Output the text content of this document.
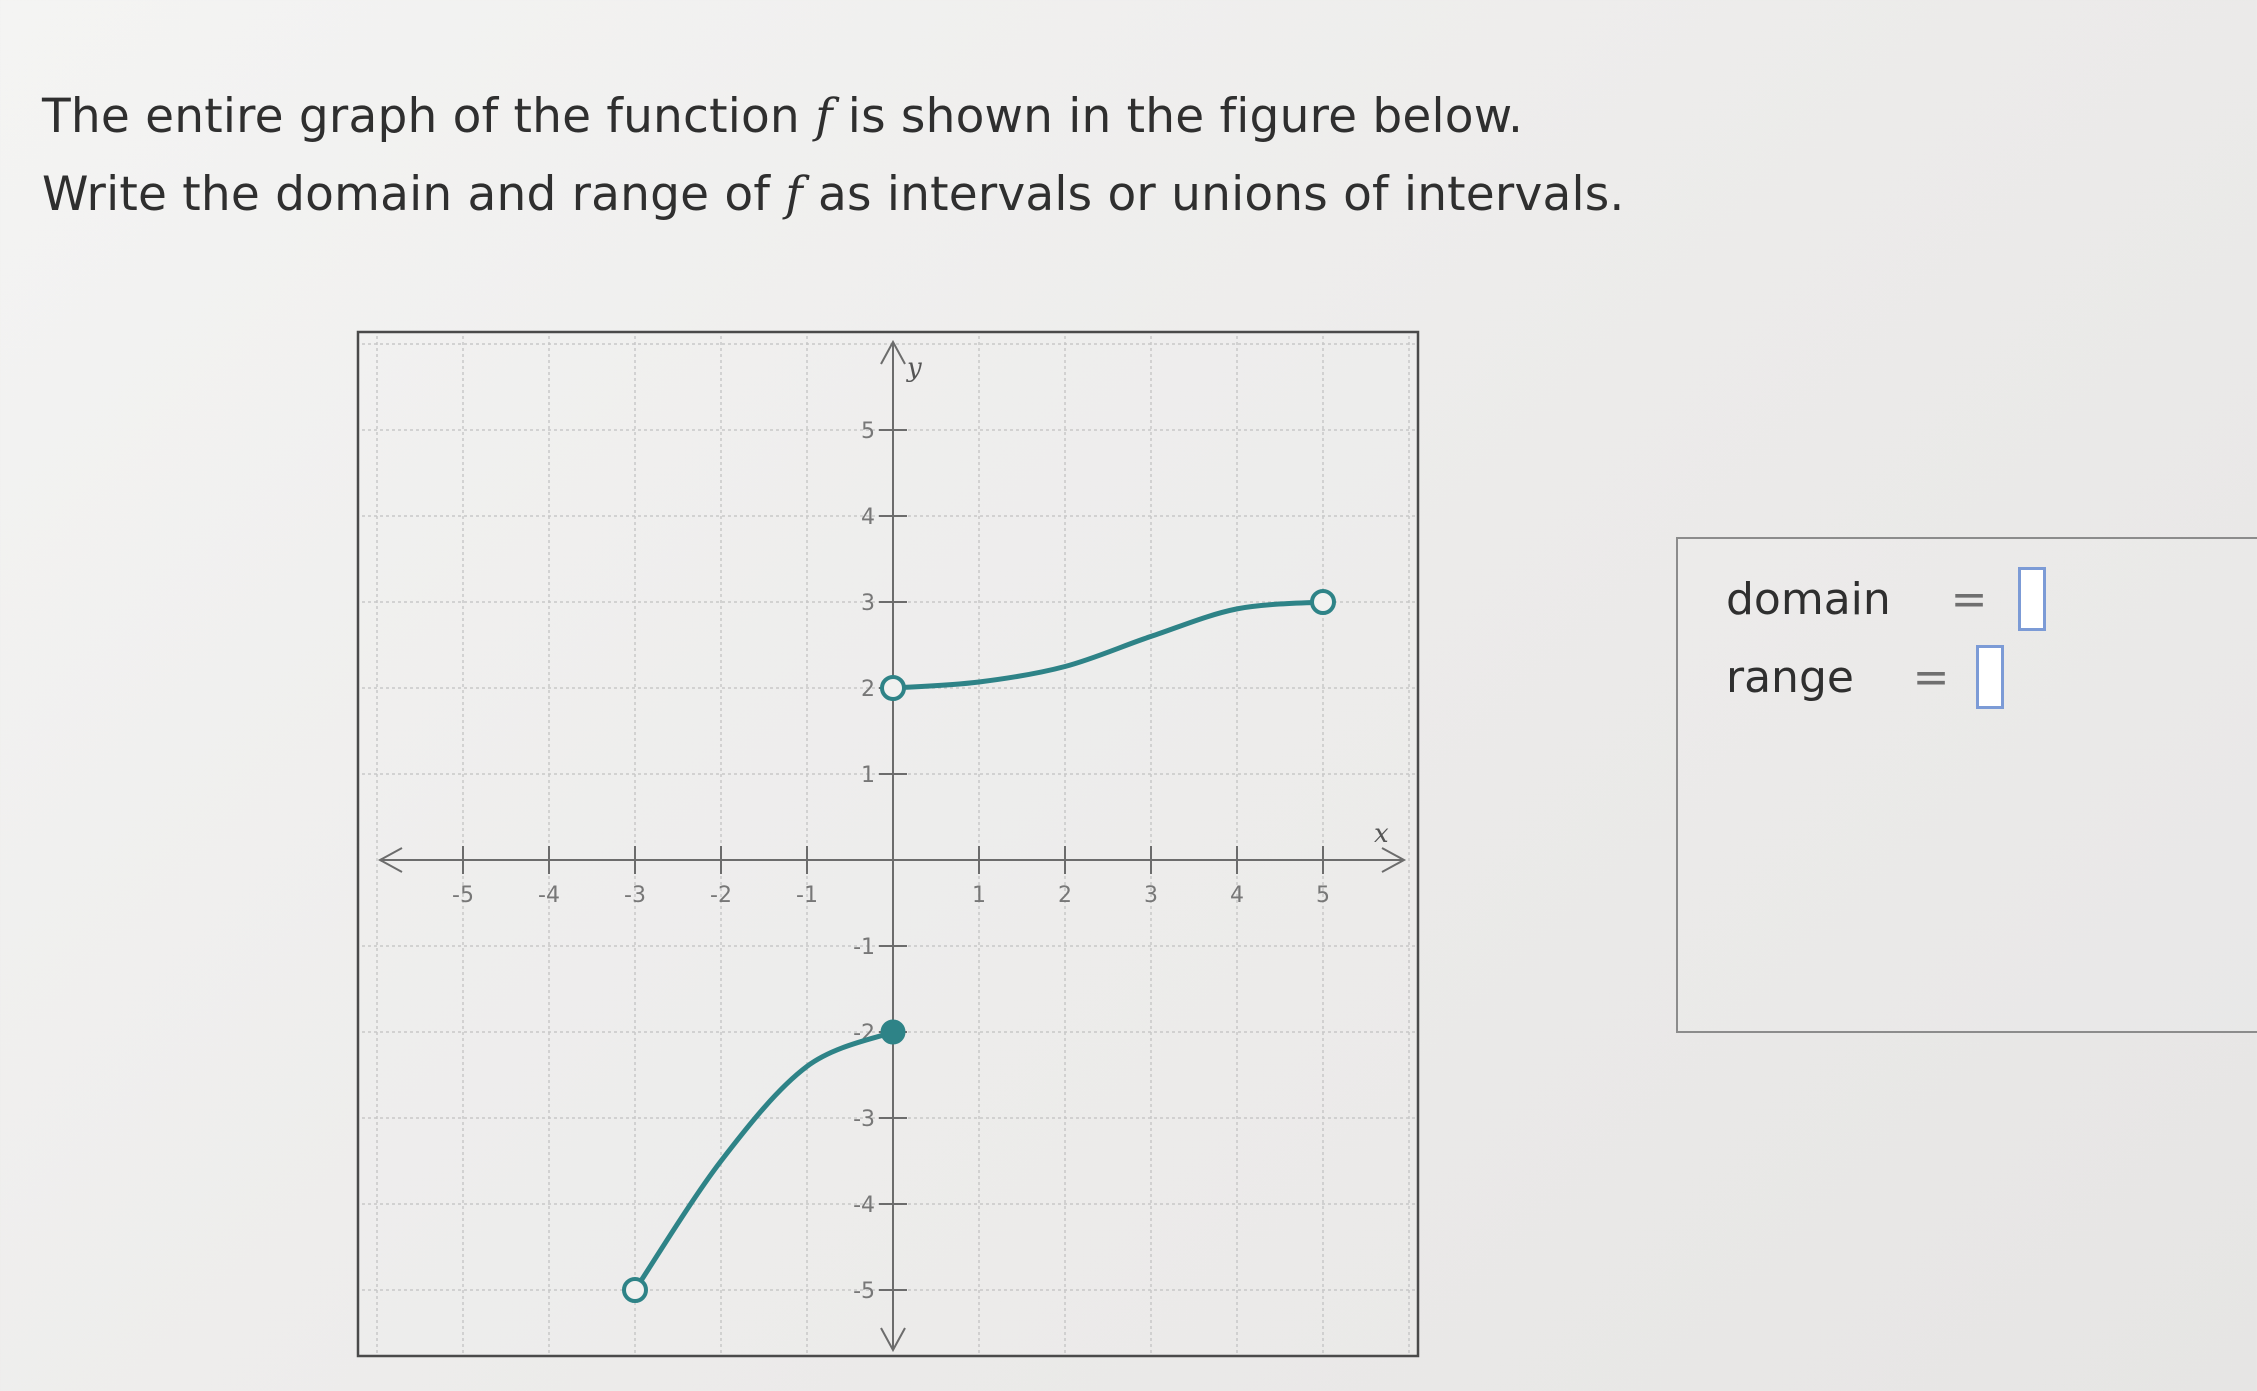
The entire graph of the function f is shown in the figure below.
Write the domain and range of f as intervals or unions of intervals.
-5	-4	-3	-2	-1	1	2	3	4	5
5
4
3
2
1
-1
-2
-3
-4
-5
x
y
domain	=
range	=
